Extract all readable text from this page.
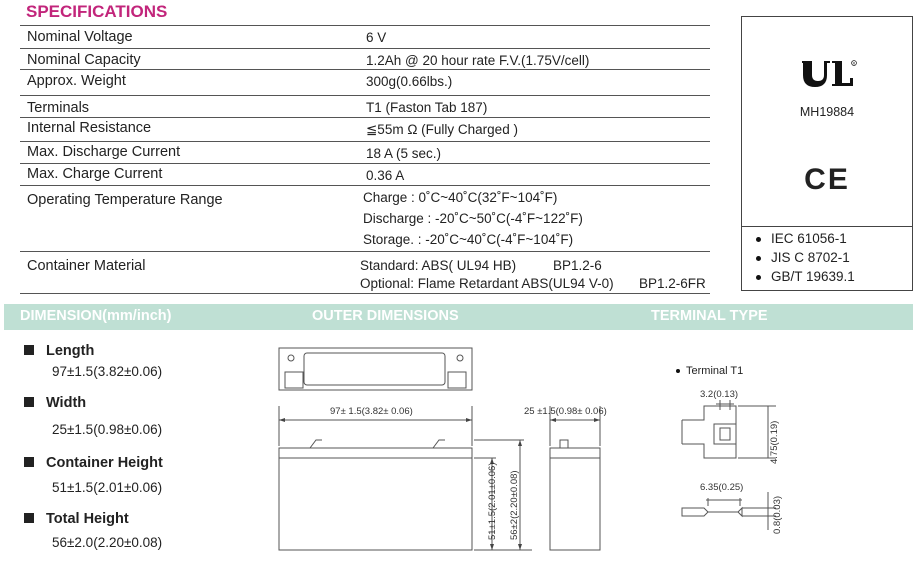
SPECIFICATIONS
Nominal Voltage	6 V
Nominal Capacity	1.2Ah @ 20 hour rate F.V.(1.75V/cell)
Approx. Weight	300g(0.66lbs.)
Terminals	T1 (Faston Tab 187)
Internal Resistance	≦55m Ω (Fully Charged )
Max. Discharge Current	18 A (5 sec.)
Max. Charge Current	0.36 A
Operating Temperature Range	Charge : 0˚C~40˚C(32˚F~104˚F)
Discharge : -20˚C~50˚C(-4˚F~122˚F)
Storage. : -20˚C~40˚C(-4˚F~104˚F)
Container Material	Standard: ABS( UL94 HB)	BP1.2-6
Optional: Flame Retardant ABS(UL94 V-0) BP1.2-6FR
R
MH19884
CE
IEC 61056-1
JIS C 8702-1
GB/T 19639.1
DIMENSION(mm/inch)	OUTER DIMENSIONS	TERMINAL TYPE
Length
97±1.5(3.82±0.06)
Width
25±1.5(0.98±0.06)
Container Height
51±1.5(2.01±0.06)
Total Height
56±2.0(2.20±0.08)
97± 1.5(3.82± 0.06)	25 ±1.5(0.98± 0.06)
51±1.5(2.01±0.06) 56±2(2.20±0.08)
Terminal T1
3.2(0.13)
4.75(0.19)
6.35(0.25)
0.8(0.03)
